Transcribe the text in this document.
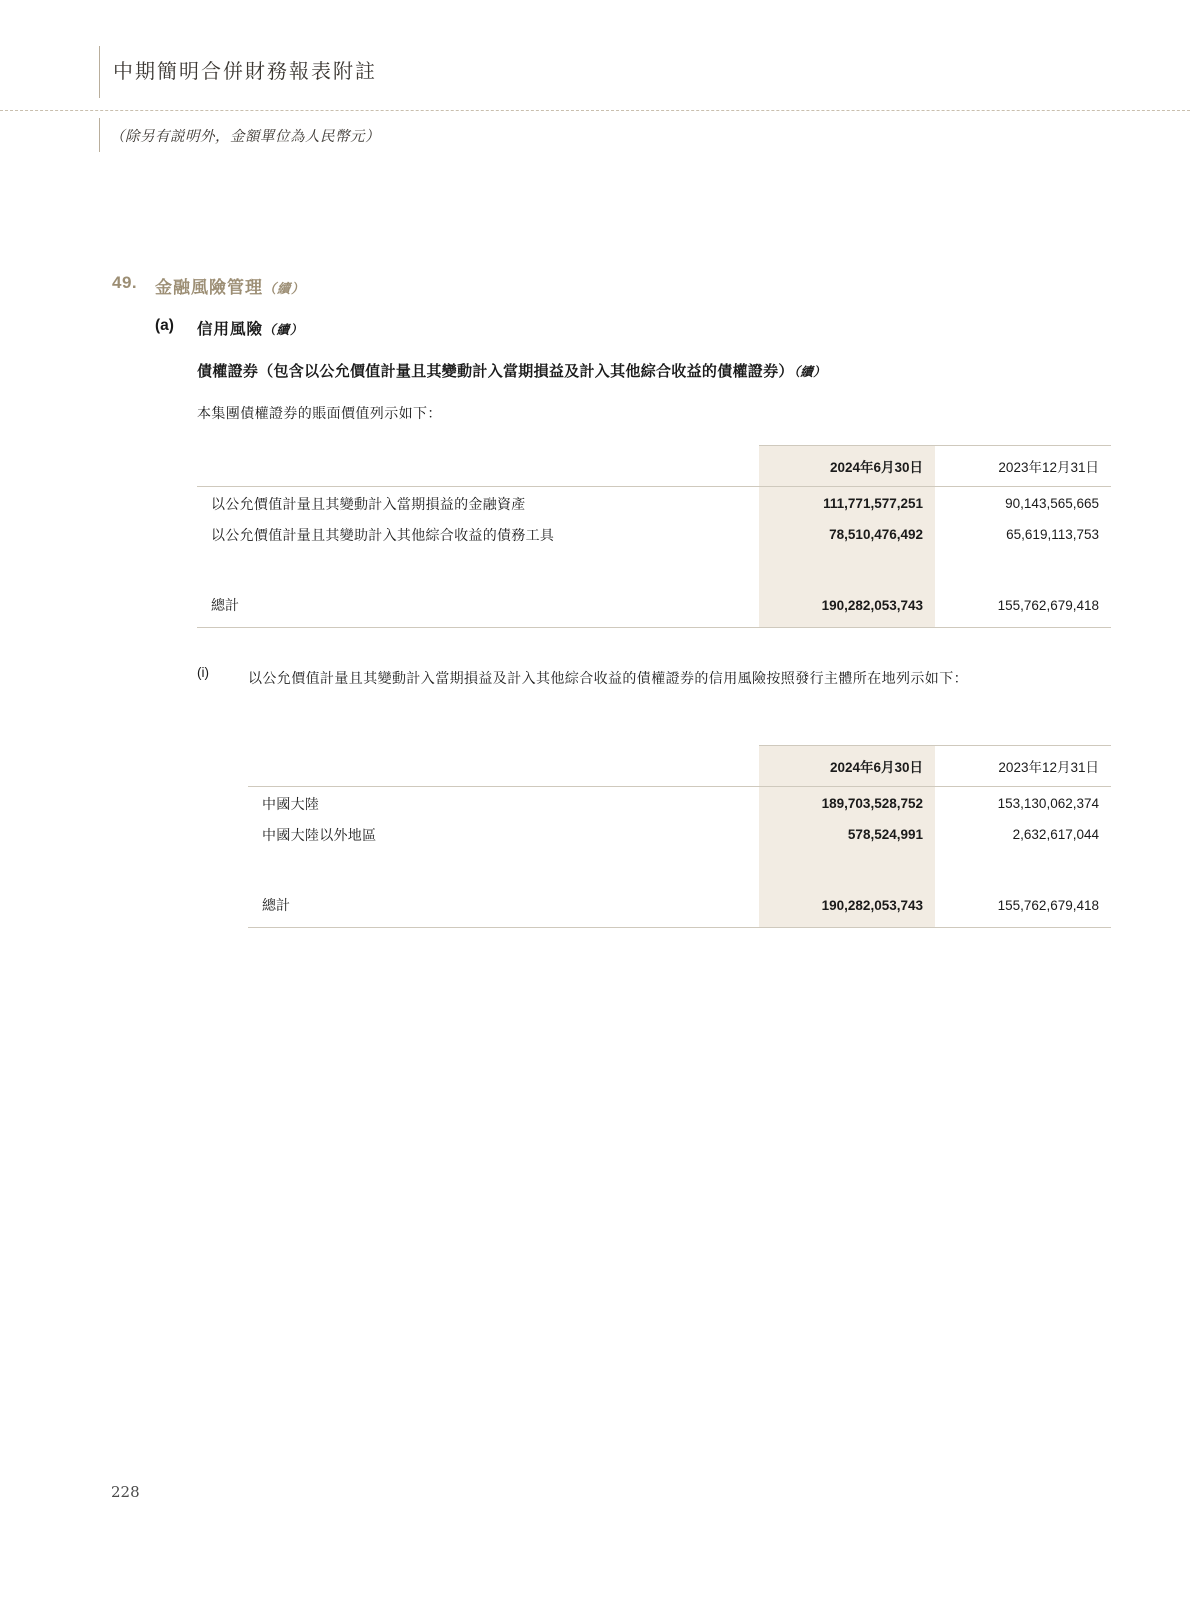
中期簡明合併財務報表附註
（除另有説明外，金額單位為人民幣元）
49. 金融風險管理（續）
(a) 信用風險（續）
債權證券（包含以公允價值計量且其變動計入當期損益及計入其他綜合收益的債權證券）（續）
本集團債權證券的賬面價值列示如下：
	2024年6月30日	2023年12月31日
以公允價值計量且其變動計入當期損益的金融資產	111,771,577,251	90,143,565,665
以公允價值計量且其變助計入其他綜合收益的債務工具	78,510,476,492	65,619,113,753

總計	190,282,053,743	155,762,679,418
(i)	以公允價值計量且其變動計入當期損益及計入其他綜合收益的債權證券的信用風險按照發行主體所在地列示如下：
	2024年6月30日	2023年12月31日
中國大陸	189,703,528,752	153,130,062,374
中國大陸以外地區	578,524,991	2,632,617,044

總計	190,282,053,743	155,762,679,418
228
